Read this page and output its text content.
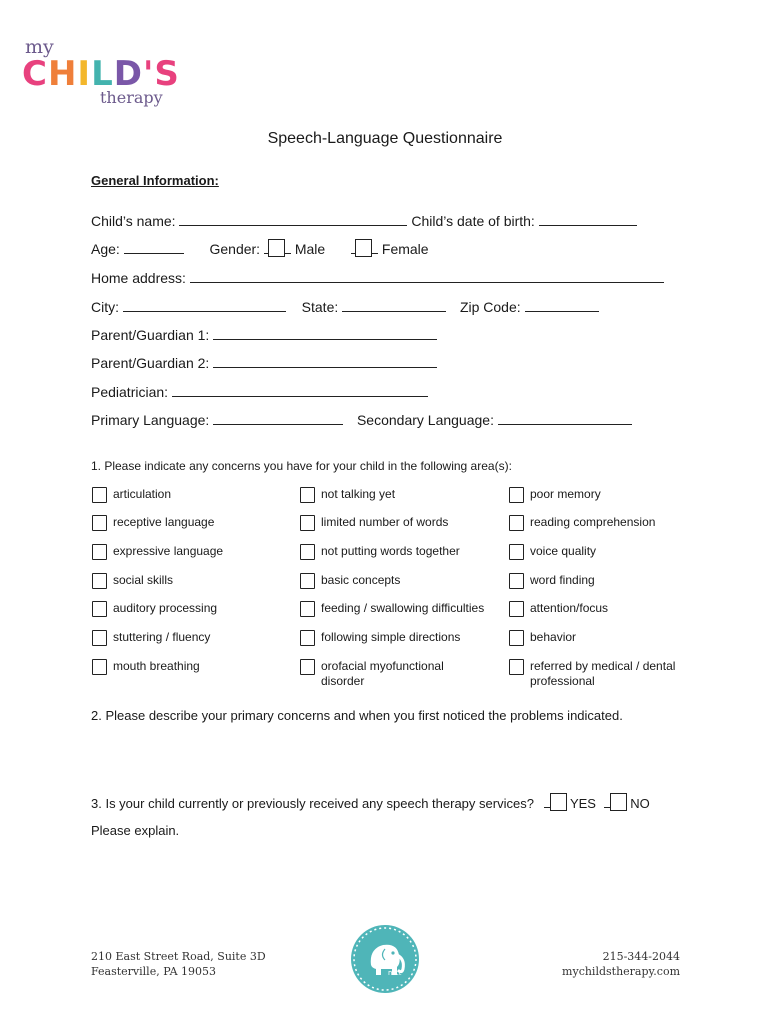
my
CHILD'S
therapy
Speech-Language Questionnaire
General Information:
Child’s name:	Child’s date of birth:
Age:	Gender: Male	Female
Home address:
City:	State:	Zip Code:
Parent/Guardian 1:
Parent/Guardian 2:
Pediatrician:
Primary Language:	Secondary Language:
1. Please indicate any concerns you have for your child in the following area(s):
articulation
receptive language
expressive language
social skills
auditory processing
stuttering / fluency
mouth breathing
not talking yet
limited number of words
not putting words together
basic concepts
feeding / swallowing difficulties
following simple directions
orofacial myofunctional disorder
poor memory
reading comprehension
voice quality
word finding
attention/focus
behavior
referred by medical / dental professional
2. Please describe your primary concerns and when you first noticed the problems indicated.
3. Is your child currently or previously received any speech therapy services?	YES	NO
Please explain.
210 East Street Road, Suite 3D
Feasterville, PA 19053	mct
215-344-2044
mychildstherapy.com
